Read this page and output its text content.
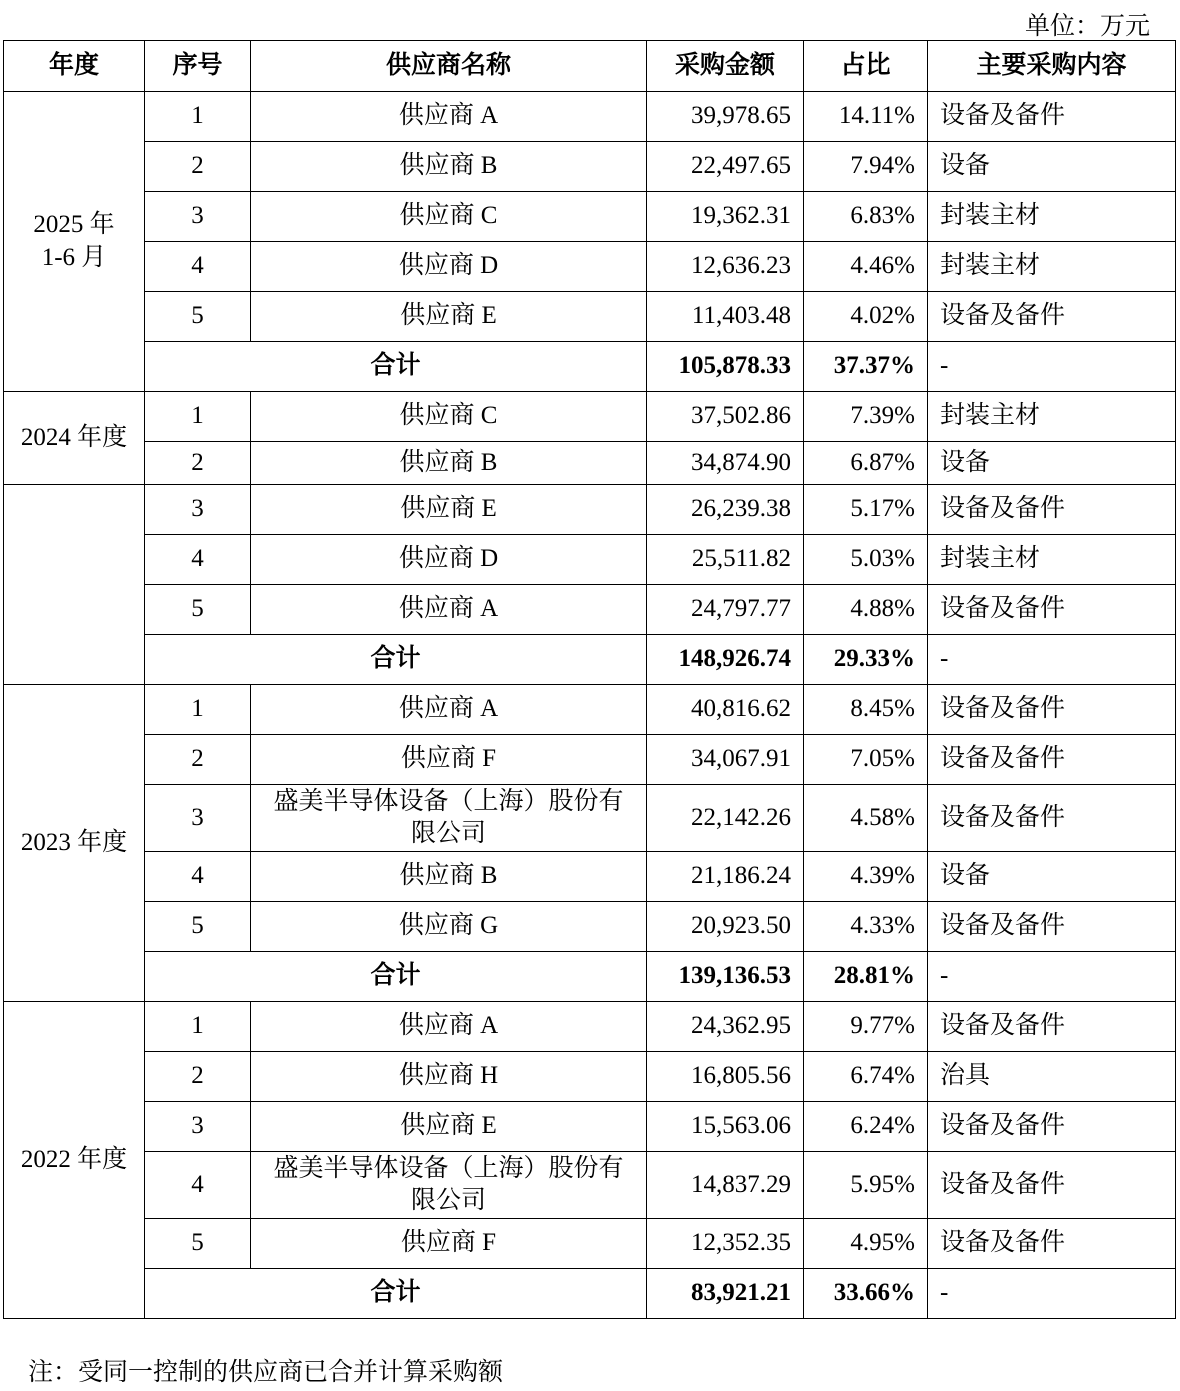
单位：万元
年度	序号	供应商名称	采购金额	占比	主要采购内容
2025 年
1-6 月	1	供应商 A	39,978.65	14.11%	设备及备件
	2	供应商 B	22,497.65	7.94%	设备
	3	供应商 C	19,362.31	6.83%	封装主材
	4	供应商 D	12,636.23	4.46%	封装主材
	5	供应商 E	11,403.48	4.02%	设备及备件
	合计		105,878.33	37.37%	-
2024 年度	1	供应商 C	37,502.86	7.39%	封装主材
	2	供应商 B	34,874.90	6.87%	设备
	3	供应商 E	26,239.38	5.17%	设备及备件
	4	供应商 D	25,511.82	5.03%	封装主材
	5	供应商 A	24,797.77	4.88%	设备及备件
	合计		148,926.74	29.33%	-
2023 年度	1	供应商 A	40,816.62	8.45%	设备及备件
	2	供应商 F	34,067.91	7.05%	设备及备件
	3	盛美半导体设备（上海）股份有
限公司	22,142.26	4.58%	设备及备件
	4	供应商 B	21,186.24	4.39%	设备
	5	供应商 G	20,923.50	4.33%	设备及备件
	合计		139,136.53	28.81%	-
2022 年度	1	供应商 A	24,362.95	9.77%	设备及备件
	2	供应商 H	16,805.56	6.74%	治具
	3	供应商 E	15,563.06	6.24%	设备及备件
	4	盛美半导体设备（上海）股份有
限公司	14,837.29	5.95%	设备及备件
	5	供应商 F	12,352.35	4.95%	设备及备件
	合计		83,921.21	33.66%	-
注：受同一控制的供应商已合并计算采购额
